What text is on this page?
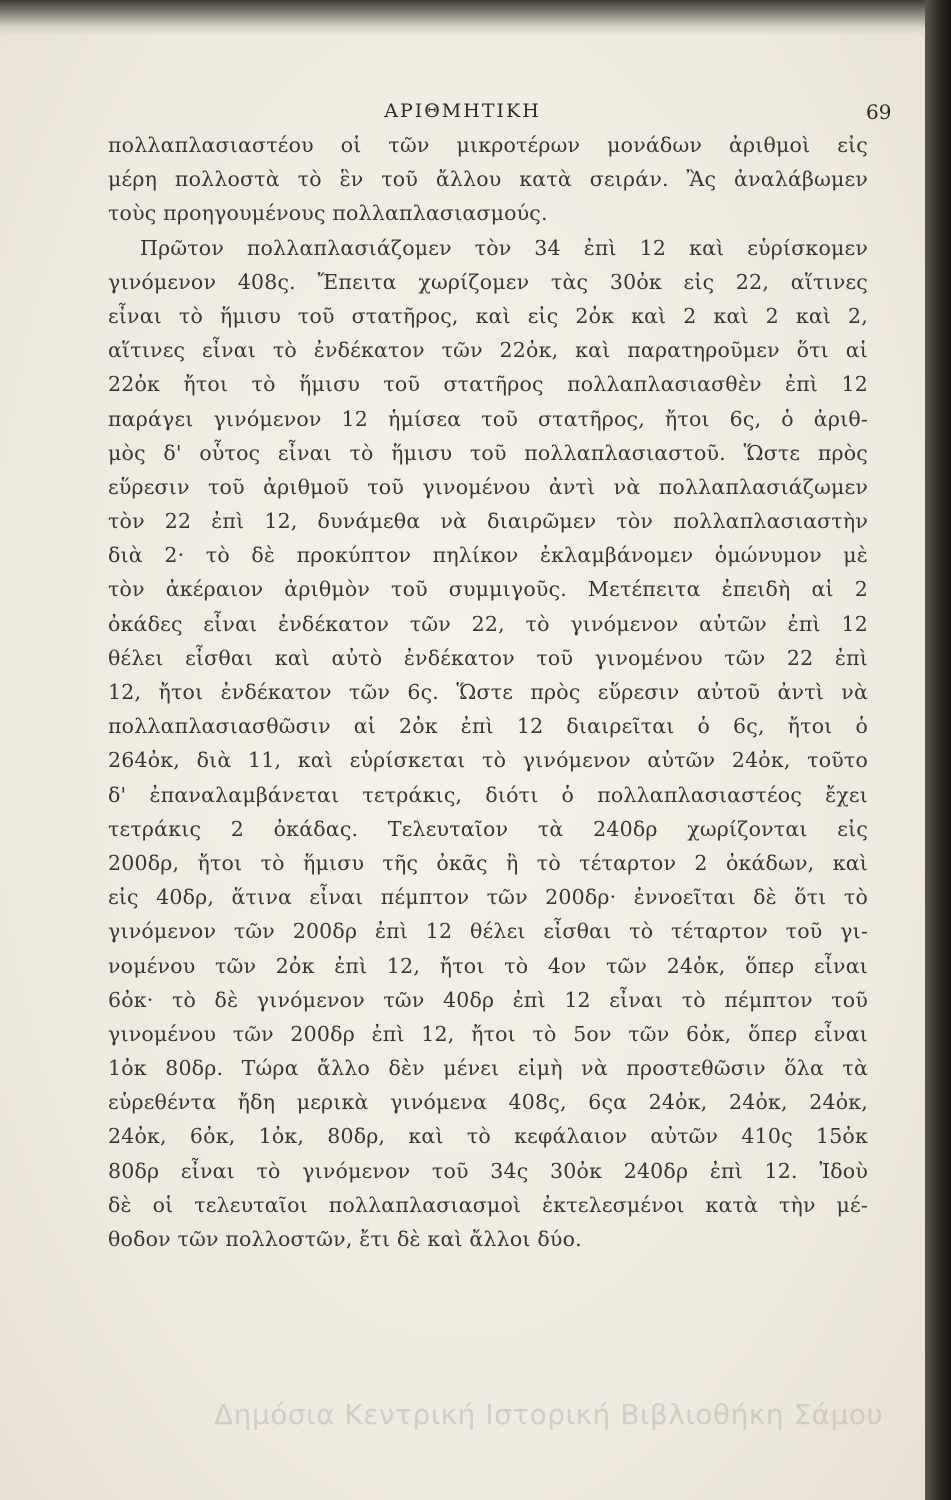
ΑΡΙΘΜΗΤΙΚΗ	69
πολλαπλασιαστέου οἱ τῶν μικροτέρων μονάδων ἀριθμοὶ εἰς
μέρη πολλοστὰ τὸ ἓν τοῦ ἄλλου κατὰ σειράν. Ἂς ἀναλάβωμεν
τοὺς προηγουμένους πολλαπλασιασμούς.
Πρῶτον πολλαπλασιάζομεν τὸν 34 ἐπὶ 12 καὶ εὑρίσκομεν
γινόμενον 408ς. Ἔπειτα χωρίζομεν τὰς 30ὀκ εἰς 22, αἵτινες
εἶναι τὸ ἥμισυ τοῦ στατῆρος, καὶ εἰς 2ὀκ καὶ 2 καὶ 2 καὶ 2,
αἵτινες εἶναι τὸ ἐνδέκατον τῶν 22ὀκ, καὶ παρατηροῦμεν ὅτι αἱ
22ὀκ ἤτοι τὸ ἥμισυ τοῦ στατῆρος πολλαπλασιασθὲν ἐπὶ 12
παράγει γινόμενον 12 ἡμίσεα τοῦ στατῆρος, ἤτοι 6ς, ὁ ἀριθ-
μὸς δ' οὗτος εἶναι τὸ ἥμισυ τοῦ πολλαπλασιαστοῦ. Ὥστε πρὸς
εὕρεσιν τοῦ ἀριθμοῦ τοῦ γινομένου ἀντὶ νὰ πολλαπλασιάζωμεν
τὸν 22 ἐπὶ 12, δυνάμεθα νὰ διαιρῶμεν τὸν πολλαπλασιαστὴν
διὰ 2· τὸ δὲ προκύπτον πηλίκον ἐκλαμβάνομεν ὁμώνυμον μὲ
τὸν ἀκέραιον ἀριθμὸν τοῦ συμμιγοῦς. Μετέπειτα ἐπειδὴ αἱ 2
ὀκάδες εἶναι ἐνδέκατον τῶν 22, τὸ γινόμενον αὐτῶν ἐπὶ 12
θέλει εἶσθαι καὶ αὐτὸ ἐνδέκατον τοῦ γινομένου τῶν 22 ἐπὶ
12, ἤτοι ἐνδέκατον τῶν 6ς. Ὥστε πρὸς εὕρεσιν αὐτοῦ ἀντὶ νὰ
πολλαπλασιασθῶσιν αἱ 2ὀκ ἐπὶ 12 διαιρεῖται ὁ 6ς, ἤτοι ὁ
264ὀκ, διὰ 11, καὶ εὑρίσκεται τὸ γινόμενον αὐτῶν 24ὀκ, τοῦτο
δ' ἐπαναλαμβάνεται τετράκις, διότι ὁ πολλαπλασιαστέος ἔχει
τετράκις 2 ὀκάδας. Τελευταῖον τὰ 240δρ χωρίζονται εἰς
200δρ, ἤτοι τὸ ἥμισυ τῆς ὀκᾶς ἢ τὸ τέταρτον 2 ὀκάδων, καὶ
εἰς 40δρ, ἅτινα εἶναι πέμπτον τῶν 200δρ· ἐννοεῖται δὲ ὅτι τὸ
γινόμενον τῶν 200δρ ἐπὶ 12 θέλει εἶσθαι τὸ τέταρτον τοῦ γι-
νομένου τῶν 2ὀκ ἐπὶ 12, ἤτοι τὸ 4ον τῶν 24ὀκ, ὅπερ εἶναι
6ὀκ· τὸ δὲ γινόμενον τῶν 40δρ ἐπὶ 12 εἶναι τὸ πέμπτον τοῦ
γινομένου τῶν 200δρ ἐπὶ 12, ἤτοι τὸ 5ον τῶν 6ὀκ, ὅπερ εἶναι
1ὀκ 80δρ. Τώρα ἄλλο δὲν μένει εἰμὴ νὰ προστεθῶσιν ὅλα τὰ
εὑρεθέντα ἤδη μερικὰ γινόμενα 408ς, 6ςα 24ὀκ, 24ὀκ, 24ὀκ,
24ὀκ, 6ὀκ, 1ὀκ, 80δρ, καὶ τὸ κεφάλαιον αὐτῶν 410ς 15ὀκ
80δρ εἶναι τὸ γινόμενον τοῦ 34ς 30ὀκ 240δρ ἐπὶ 12. Ἰδοὺ
δὲ οἱ τελευταῖοι πολλαπλασιασμοὶ ἐκτελεσμένοι κατὰ τὴν μέ-
θοδον τῶν πολλοστῶν, ἔτι δὲ καὶ ἄλλοι δύο.
Δημόσια Κεντρική Ιστορική Βιβλιοθήκη Σάμου
